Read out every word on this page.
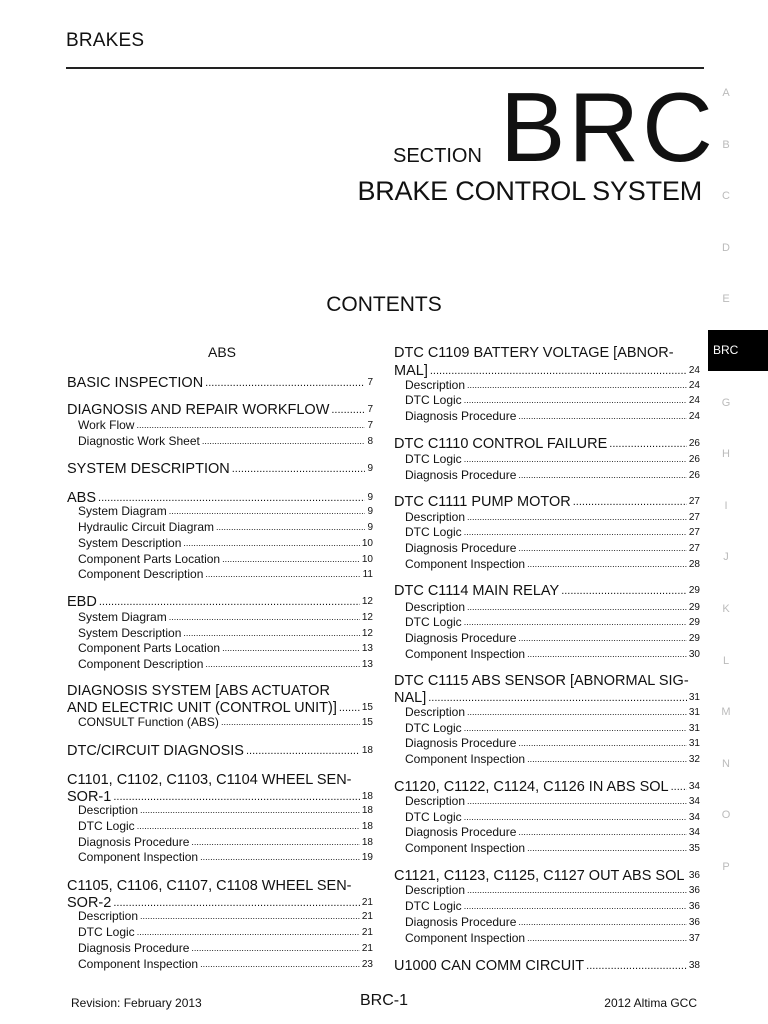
BRAKES
SECTION BRC
BRAKE CONTROL SYSTEM
CONTENTS
ABS
BASIC INSPECTION .....	7
DIAGNOSIS AND REPAIR WORKFLOW .....	7
Work Flow .....	7
Diagnostic Work Sheet .....	8
SYSTEM DESCRIPTION .....	9
ABS .....	9
System Diagram .....	9
Hydraulic Circuit Diagram .....	9
System Description .....	10
Component Parts Location .....	10
Component Description .....	11
EBD .....	12
System Diagram .....	12
System Description .....	12
Component Parts Location .....	13
Component Description .....	13
DIAGNOSIS SYSTEM [ABS ACTUATOR
AND ELECTRIC UNIT (CONTROL UNIT)] .....	15
CONSULT Function (ABS) .....	15
DTC/CIRCUIT DIAGNOSIS .....	18
C1101, C1102, C1103, C1104 WHEEL SEN-
SOR-1 .....	18
Description .....	18
DTC Logic .....	18
Diagnosis Procedure .....	18
Component Inspection .....	19
C1105, C1106, C1107, C1108 WHEEL SEN-
SOR-2 .....	21
Description .....	21
DTC Logic .....	21
Diagnosis Procedure .....	21
Component Inspection .....	23
DTC C1109 BATTERY VOLTAGE [ABNOR-
MAL] .....	24
Description .....	24
DTC Logic .....	24
Diagnosis Procedure .....	24
DTC C1110 CONTROL FAILURE .....	26
DTC Logic .....	26
Diagnosis Procedure .....	26
DTC C1111 PUMP MOTOR .....	27
Description .....	27
DTC Logic .....	27
Diagnosis Procedure .....	27
Component Inspection .....	28
DTC C1114 MAIN RELAY .....	29
Description .....	29
DTC Logic .....	29
Diagnosis Procedure .....	29
Component Inspection .....	30
DTC C1115 ABS SENSOR [ABNORMAL SIG-
NAL] .....	31
Description .....	31
DTC Logic .....	31
Diagnosis Procedure .....	31
Component Inspection .....	32
C1120, C1122, C1124, C1126 IN ABS SOL ..... 34
Description .....	34
DTC Logic .....	34
Diagnosis Procedure .....	34
Component Inspection .....	35
C1121, C1123, C1125, C1127 OUT ABS SOL ..... 36
Description .....	36
DTC Logic .....	36
Diagnosis Procedure .....	36
Component Inspection .....	37
U1000 CAN COMM CIRCUIT .....	38
A
B
C
D
E
BRC
G
H
I
J
K
L
M
N
O
P
Revision: February 2013	BRC-1	2012 Altima GCC
